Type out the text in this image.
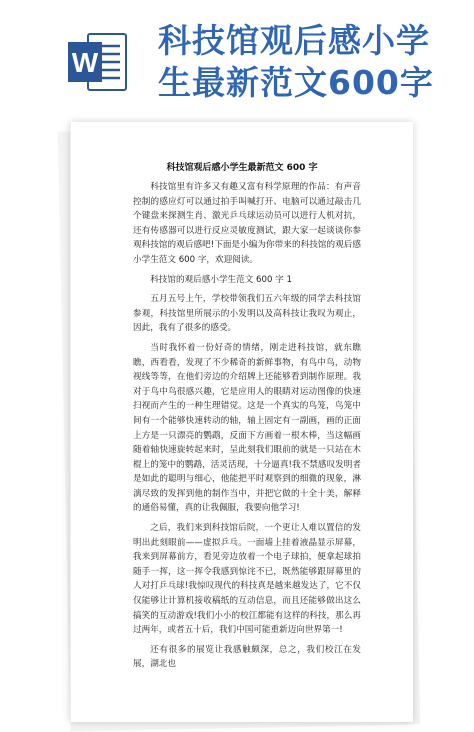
W
科技馆观后感小学生最新范文600字
科技馆观后感小学生最新范文 600 字

科技馆里有许多又有趣又富有科学原理的作品：有声音控制的感应灯可以通过拍手叫喊打开、电脑可以通过敲击几个键盘来探测生肖、激光乒乓球运动员可以进行人机对抗，还有传感器可以进行反应灵敏度测试，跟大家一起谈谈你参观科技馆的观后感吧!下面是小编为你带来的科技馆的观后感小学生范文 600 字，欢迎阅读。

科技馆的观后感小学生范文 600 字 1

五月五号上午，学校带领我们五六年级的同学去科技馆参观，科技馆里所展示的小发明以及高科技让我叹为观止，因此，我有了很多的感受。

当时我怀着一份好奇的情绪，刚走进科技馆，就东瞧瞧，西看看，发现了不少稀奇的新鲜事物，有鸟中鸟，动物视线等等，在他们旁边的介绍牌上还能够看到制作原理。我对于鸟中鸟很感兴趣，它是应用人的眼睛对运动图像的快速扫视而产生的一种生理错觉。这是一个真实的鸟笼，鸟笼中间有一个能够快速转动的轴，轴上固定有一副画，画的正面上方是一只漂亮的鹦鹉，反面下方画着一根木棒，当这幅画随着轴快速旋转起来时，呈此刻我们眼前的就是一只站在木棍上的笼中的鹦鹉，活灵活现，十分逼真!我不禁感叹发明者是如此的聪明与细心，他能把平时观察到的细微的现象，淋漓尽致的发挥到他的制作当中，并把它做的十全十美，解释的通俗易懂，真的让我佩服，我要向他学习!

之后，我们来到科技馆后院，一个更让人难以置信的发明出此刻眼前——虚拟乒乓。一面墙上挂着液晶显示屏幕，我来到屏幕前方，看见旁边放着一个电子球拍，便拿起球拍随手一挥，这一挥令我感到惊诧不已，既然能够跟屏幕里的人对打乒乓球!我惊叹现代的科技真是越来越发达了，它不仅仅能够让计算机接收稿纸的互动信息，而且还能够做出这么搞笑的互动游戏!我们小小的校江都能有这样的科技，那么再过两年，或者五十后，我们中国可能重新迈向世界第一!

还有很多的展览让我感触颇深，总之，我们校江在发展，湖北也
